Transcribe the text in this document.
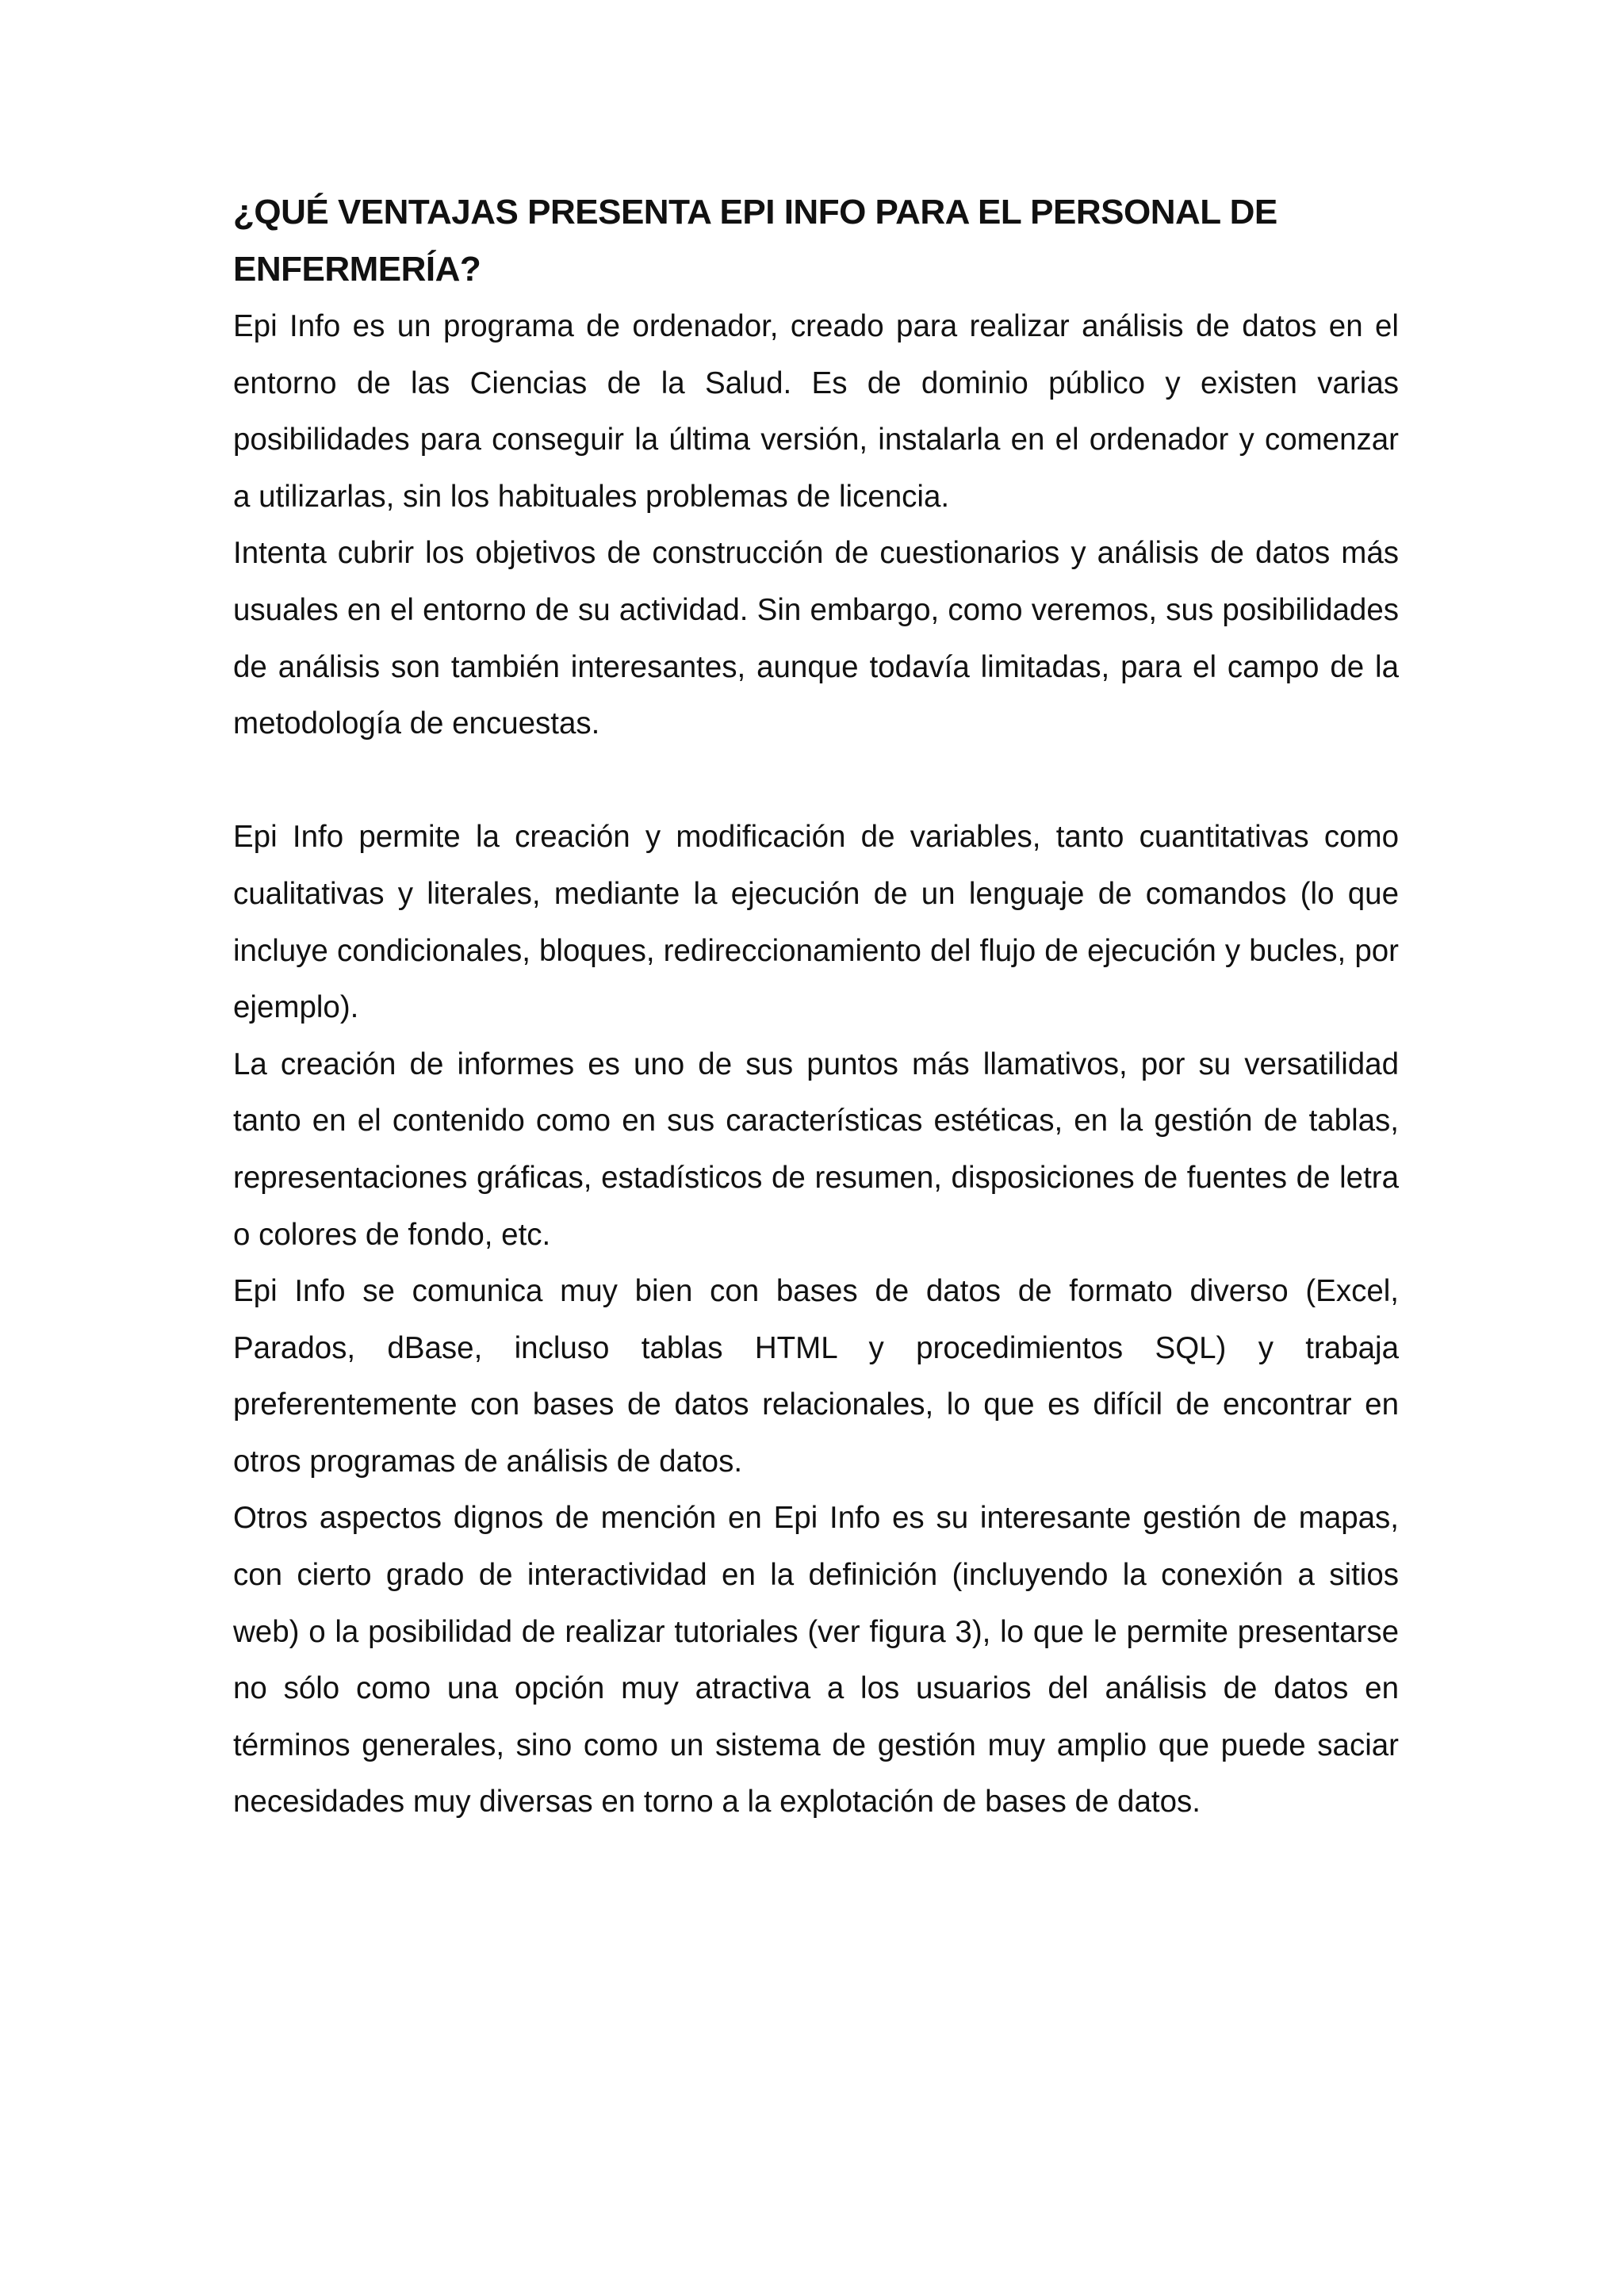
¿QUÉ VENTAJAS PRESENTA EPI INFO PARA EL PERSONAL DE ENFERMERÍA?

Epi Info es un programa de ordenador, creado para realizar análisis de datos en el entorno de las Ciencias de la Salud. Es de dominio público y existen varias posibilidades para conseguir la última versión, instalarla en el ordenador y comenzar a utilizarlas, sin los habituales problemas de licencia.

Intenta cubrir los objetivos de construcción de cuestionarios y análisis de datos más usuales en el entorno de su actividad. Sin embargo, como veremos, sus posibilidades de análisis son también interesantes, aunque todavía limitadas, para el campo de la metodología de encuestas.

Epi Info permite la creación y modificación de variables, tanto cuantitativas como cualitativas y literales, mediante la ejecución de un lenguaje de comandos (lo que incluye condicionales, bloques, redireccionamiento del flujo de ejecución y bucles, por ejemplo).

La creación de informes es uno de sus puntos más llamativos, por su versatilidad tanto en el contenido como en sus características estéticas, en la gestión de tablas, representaciones gráficas, estadísticos de resumen, disposiciones de fuentes de letra o colores de fondo, etc.

Epi Info se comunica muy bien con bases de datos de formato diverso (Excel, Parados, dBase, incluso tablas HTML y procedimientos SQL) y trabaja preferentemente con bases de datos relacionales, lo que es difícil de encontrar en otros programas de análisis de datos.

Otros aspectos dignos de mención en Epi Info es su interesante gestión de mapas, con cierto grado de interactividad en la definición (incluyendo la conexión a sitios web) o la posibilidad de realizar tutoriales (ver figura 3), lo que le permite presentarse no sólo como una opción muy atractiva a los usuarios del análisis de datos en términos generales, sino como un sistema de gestión muy amplio que puede saciar necesidades muy diversas en torno a la explotación de bases de datos.
